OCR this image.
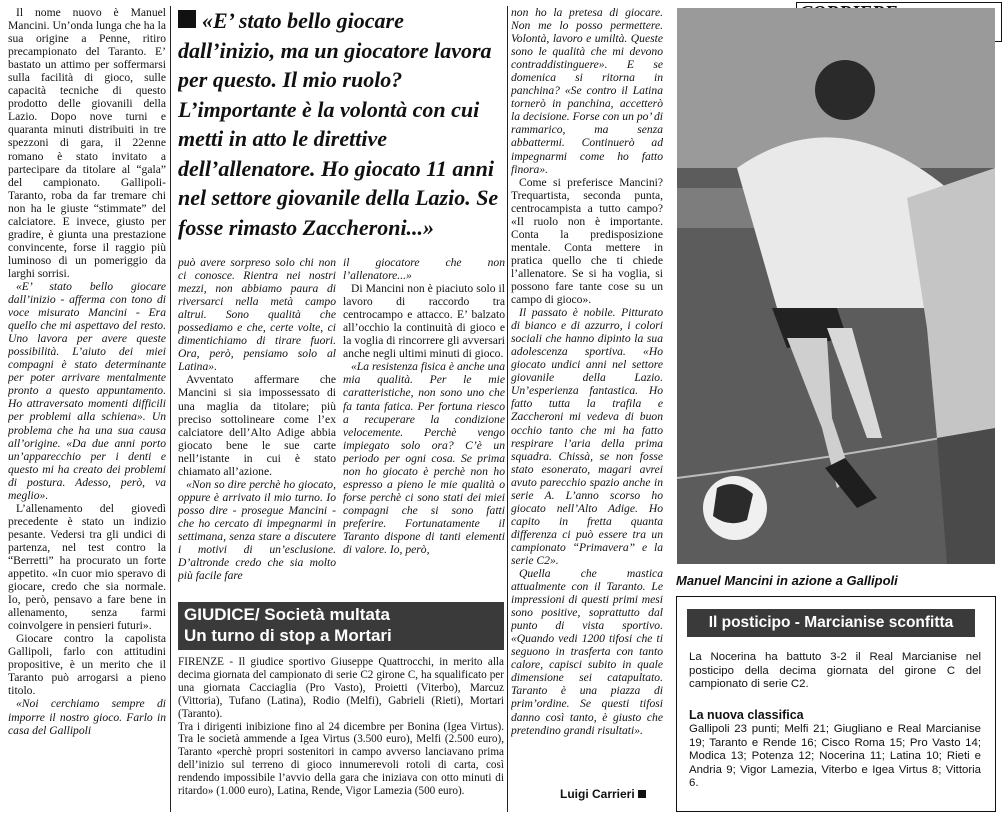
Il nome nuovo è Manuel Mancini. Un’onda lunga che ha la sua origine a Penne, ritiro precampionato del Taranto. E’ bastato un attimo per soffermarsi sulla facilità di gioco, sulle capacità tecniche di questo prodotto delle giovanili della Lazio. Dopo nove turni e quaranta minuti distribuiti in tre spezzoni di gara, il 22enne romano è stato invitato a partecipare da titolare al “gala” del campionato. Gallipoli-Taranto, roba da far tremare chi non ha le giuste “stimmate” del calciatore. E invece, giusto per gradire, è giunta una prestazione convincente, forse il raggio più luminoso di un pomeriggio da larghi sorrisi.

«E’ stato bello giocare dall’inizio - afferma con tono di voce misurato Mancini - Era quello che mi aspettavo del resto. Uno lavora per avere queste possibilità. L’aiuto dei miei compagni è stato determinante per poter arrivare mentalmente pronto a questo appuntamento. Ho attraversato momenti difficili per problemi alla schiena». Un problema che ha una sua causa all’origine. «Da due anni porto un’apparecchio per i denti e questo mi ha creato dei problemi di postura. Adesso, però, va meglio».

L’allenamento del giovedì precedente è stato un indizio pesante. Vedersi tra gli undici di partenza, nel test contro la “Berretti” ha procurato un forte appetito. «In cuor mio speravo di giocare, credo che sia normale. Io, però, pensavo a fare bene in allenamento, senza farmi coinvolgere in pensieri futuri».

Giocare contro la capolista Gallipoli, farlo con attitudini propositive, è un merito che il Taranto può arrogarsi a pieno titolo.

«Noi cerchiamo sempre di imporre il nostro gioco. Farlo in casa del Gallipoli

«E’ stato bello giocare dall’inizio, ma un giocatore lavora per questo. Il mio ruolo? L’importante è la volontà con cui metti in atto le direttive dell’allenatore. Ho giocato 11 anni nel settore giovanile della Lazio. Se fosse rimasto Zaccheroni...»

può avere sorpreso solo chi non ci conosce. Rientra nei nostri mezzi, non abbiamo paura di riversarci nella metà campo altrui. Sono qualità che possediamo e che, certe volte, ci dimentichiamo di tirare fuori. Ora, però, pensiamo solo al Latina».

Avventato affermare che Mancini si sia impossessato di una maglia da titolare; più preciso sottolineare come l’ex calciatore dell’Alto Adige abbia giocato bene le sue carte nell’istante in cui è stato chiamato all’azione.

«Non so dire perchè ho giocato, oppure è arrivato il mio turno. Io posso dire - prosegue Mancini - che ho cercato di impegnarmi in settimana, senza stare a discutere i motivi di un’esclusione. D’altronde credo che sia molto più facile fare

il giocatore che non l’allenatore...»

Di Mancini non è piaciuto solo il lavoro di raccordo tra centrocampo e attacco. E’ balzato all’occhio la continuità di gioco e la voglia di rincorrere gli avversari anche negli ultimi minuti di gioco.

«La resistenza fisica è anche una mia qualità. Per le mie caratteristiche, non sono uno che fa tanta fatica. Per fortuna riesco a recuperare la condizione velocemente. Perchè vengo impiegato solo ora? C’è un periodo per ogni cosa. Se prima non ho giocato è perchè non ho espresso a pieno le mie qualità o forse perchè ci sono stati dei miei compagni che si sono fatti preferire. Fortunatamente il Taranto dispone di tanti elementi di valore. Io, però,

GIUDICE/ Società multata
Un turno di stop a Mortari

FIRENZE - Il giudice sportivo Giuseppe Quattrocchi, in merito alla decima giornata del campionato di serie C2 girone C, ha squalificato per una giornata Cacciaglia (Pro Vasto), Proietti (Viterbo), Marcuz (Vittoria), Tufano (Latina), Rodio (Melfi), Gabrieli (Rieti), Mortari (Taranto).

Tra i dirigenti inibizione fino al 24 dicembre per Bonina (Igea Virtus). Tra le società ammende a Igea Virtus (3.500 euro), Melfi (2.500 euro), Taranto «perchè propri sostenitori in campo avverso lanciavano prima dell’inizio sul terreno di gioco innumerevoli rotoli di carta, così rendendo impossibile l’avvio della gara che iniziava con otto minuti di ritardo» (1.000 euro), Latina, Rende, Vigor Lamezia (500 euro).

non ho la pretesa di giocare. Non me lo posso permettere. Volontà, lavoro e umiltà. Queste sono le qualità che mi devono contraddistinguere». E se domenica si ritorna in panchina? «Se contro il Latina tornerò in panchina, accetterò la decisione. Forse con un po’ di rammarico, ma senza abbattermi. Continuerò ad impegnarmi come ho fatto finora».

Come si preferisce Mancini? Trequartista, seconda punta, centrocampista a tutto campo? «Il ruolo non è importante. Conta la predisposizione mentale. Conta mettere in pratica quello che ti chiede l’allenatore. Se si ha voglia, si possono fare tante cose su un campo di gioco».

Il passato è nobile. Pitturato di bianco e di azzurro, i colori sociali che hanno dipinto la sua adolescenza sportiva. «Ho giocato undici anni nel settore giovanile della Lazio. Un’esperienza fantastica. Ho fatto tutta la trafila e Zaccheroni mi vedeva di buon occhio tanto che mi ha fatto respirare l’aria della prima squadra. Chissà, se non fosse stato esonerato, magari avrei avuto parecchio spazio anche in serie A. L’anno scorso ho giocato nell’Alto Adige. Ho capito in fretta quanta differenza ci può essere tra un campionato “Primavera” e la serie C2».

Quella che mastica attualmente con il Taranto. Le impressioni di questi primi mesi sono positive, soprattutto dal punto di vista sportivo. «Quando vedi 1200 tifosi che ti seguono in trasferta con tanto calore, capisci subito in quale dimensione sei catapultato. Taranto è una piazza di prim’ordine. Se questi tifosi danno così tanto, è giusto che pretendino grandi risultati».

Luigi Carrieri
Manuel Mancini in azione a Gallipoli
Il posticipo - Marcianise sconfitta
La Nocerina ha battuto 3-2 il Real Marcianise nel posticipo della decima giornata del girone C del campionato di serie C2.
La nuova classifica
Gallipoli 23 punti; Melfi 21; Giugliano e Real Marcianise 19; Taranto e Rende 16; Cisco Roma 15; Pro Vasto 14; Modica 13; Potenza 12; Nocerina 11; Latina 10; Rieti e Andria 9; Vigor Lamezia, Viterbo e Igea Virtus 8; Vittoria 6.
